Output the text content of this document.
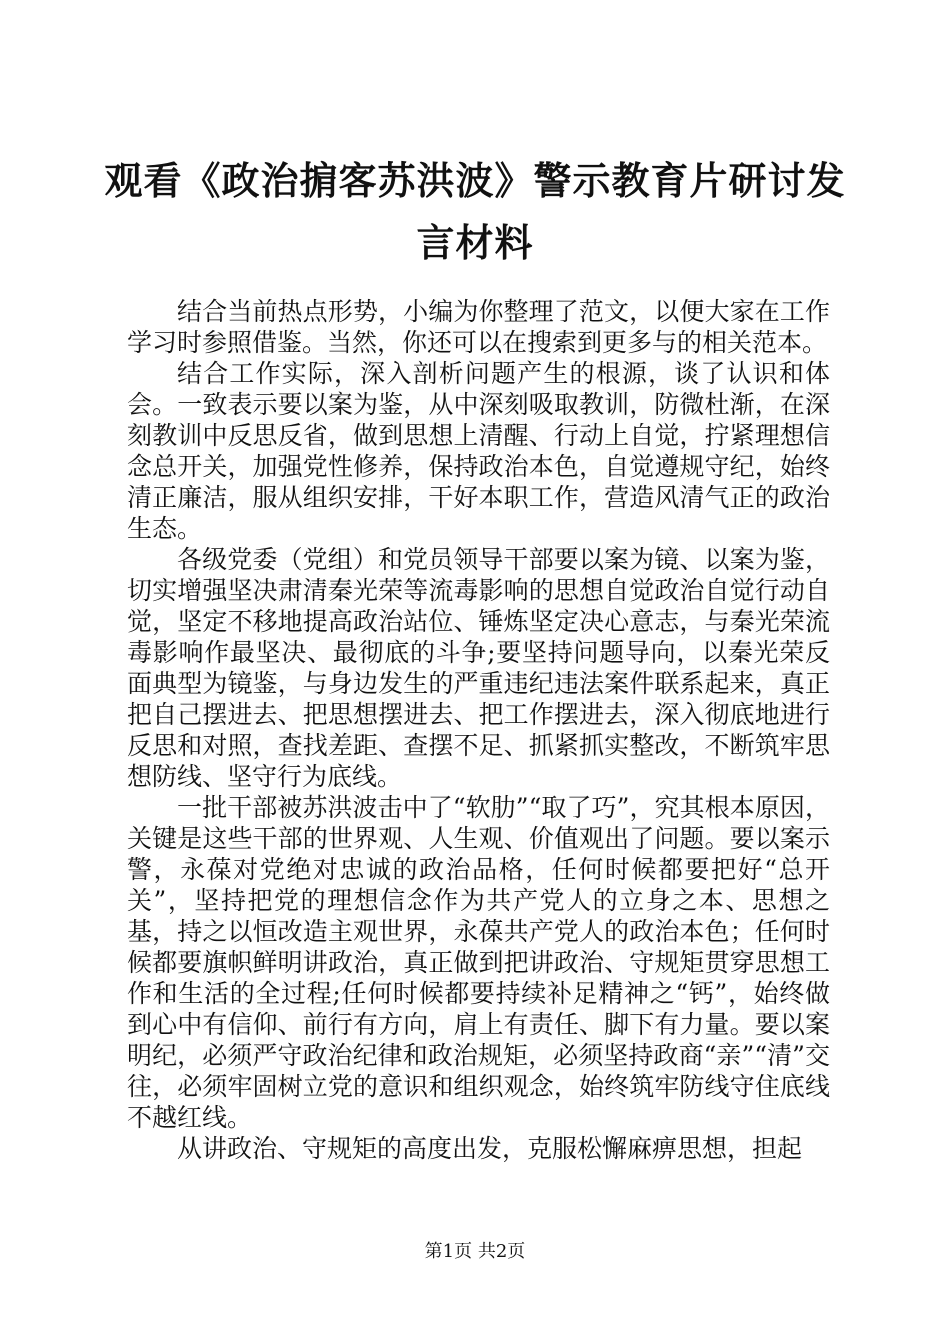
观看《政治掮客苏洪波》警示教育片研讨发言材料

结合当前热点形势，小编为你整理了范文，以便大家在工作学习时参照借鉴。当然，你还可以在搜索到更多与的相关范本。

结合工作实际，深入剖析问题产生的根源，谈了认识和体会。一致表示要以案为鉴，从中深刻吸取教训，防微杜渐，在深刻教训中反思反省，做到思想上清醒、行动上自觉，拧紧理想信念总开关，加强党性修养，保持政治本色，自觉遵规守纪，始终清正廉洁，服从组织安排，干好本职工作，营造风清气正的政治生态。

各级党委（党组）和党员领导干部要以案为镜、以案为鉴，切实增强坚决肃清秦光荣等流毒影响的思想自觉政治自觉行动自觉，坚定不移地提高政治站位、锤炼坚定决心意志，与秦光荣流毒影响作最坚决、最彻底的斗争;要坚持问题导向，以秦光荣反面典型为镜鉴，与身边发生的严重违纪违法案件联系起来，真正把自己摆进去、把思想摆进去、把工作摆进去，深入彻底地进行反思和对照，查找差距、查摆不足、抓紧抓实整改，不断筑牢思想防线、坚守行为底线。

一批干部被苏洪波击中了“软肋”“取了巧”，究其根本原因，关键是这些干部的世界观、人生观、价值观出了问题。要以案示警，永葆对党绝对忠诚的政治品格，任何时候都要把好“总开关”，坚持把党的理想信念作为共产党人的立身之本、思想之基，持之以恒改造主观世界，永葆共产党人的政治本色；任何时候都要旗帜鲜明讲政治，真正做到把讲政治、守规矩贯穿思想工作和生活的全过程;任何时候都要持续补足精神之“钙”，始终做到心中有信仰、前行有方向，肩上有责任、脚下有力量。要以案明纪，必须严守政治纪律和政治规矩，必须坚持政商“亲”“清”交往，必须牢固树立党的意识和组织观念，始终筑牢防线守住底线不越红线。

从讲政治、守规矩的高度出发，克服松懈麻痹思想，担起

第1页 共2页
